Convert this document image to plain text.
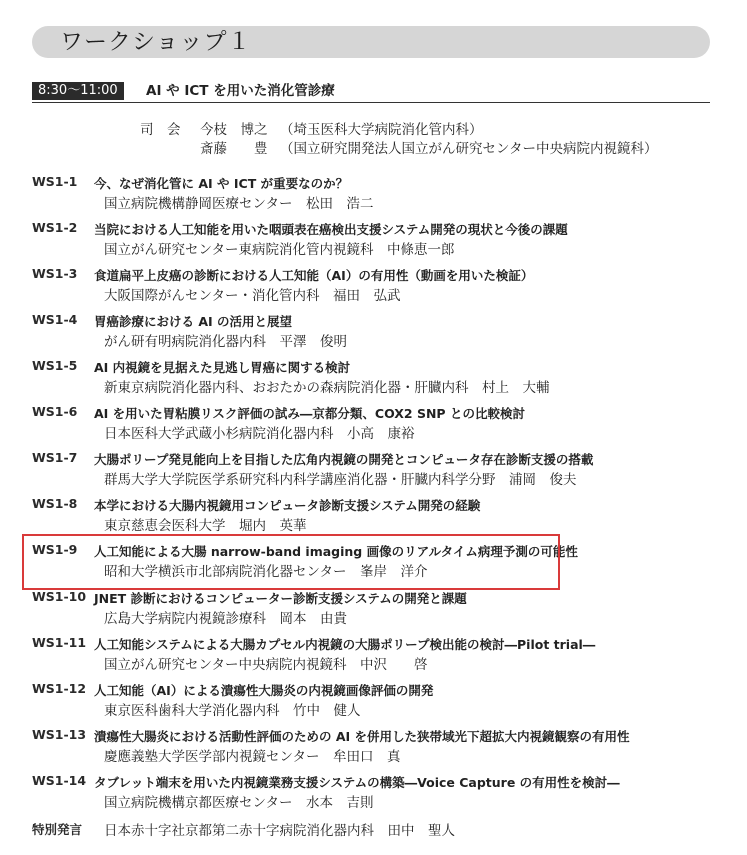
ワークショップ１
8:30〜11:00	AI や ICT を用いた消化管診療
司　会 今枝　博之 （埼玉医科大学病院消化管内科）
斎藤　　豊 （国立研究開発法人国立がん研究センター中央病院内視鏡科）
WS1-1 今、なぜ消化管に AI や ICT が重要なのか？
国立病院機構静岡医療センター　松田　浩二
WS1-2 当院における人工知能を用いた咽頭表在癌検出支援システム開発の現状と今後の課題
国立がん研究センター東病院消化管内視鏡科　中條恵一郎
WS1-3 食道扁平上皮癌の診断における人工知能（AI）の有用性（動画を用いた検証）
大阪国際がんセンター・消化管内科　福田　弘武
WS1-4 胃癌診療における AI の活用と展望
がん研有明病院消化器内科　平澤　俊明
WS1-5 AI 内視鏡を見据えた見逃し胃癌に関する検討
新東京病院消化器内科、おおたかの森病院消化器・肝臓内科　村上　大輔
WS1-6 AI を用いた胃粘膜リスク評価の試み―京都分類、COX2 SNP との比較検討
日本医科大学武蔵小杉病院消化器内科　小高　康裕
WS1-7 大腸ポリープ発見能向上を目指した広角内視鏡の開発とコンピュータ存在診断支援の搭載
群馬大学大学院医学系研究科内科学講座消化器・肝臓内科学分野　浦岡　俊夫
WS1-8 本学における大腸内視鏡用コンピュータ診断支援システム開発の経験
東京慈恵会医科大学　堀内　英華
WS1-9 人工知能による大腸 narrow-band imaging 画像のリアルタイム病理予測の可能性
昭和大学横浜市北部病院消化器センター　峯岸　洋介
WS1-10 JNET 診断におけるコンピューター診断支援システムの開発と課題
広島大学病院内視鏡診療科　岡本　由貴
WS1-11 人工知能システムによる大腸カプセル内視鏡の大腸ポリープ検出能の検討―Pilot trial―
国立がん研究センター中央病院内視鏡科　中沢　　啓
WS1-12 人工知能（AI）による潰瘍性大腸炎の内視鏡画像評価の開発
東京医科歯科大学消化器内科　竹中　健人
WS1-13 潰瘍性大腸炎における活動性評価のための AI を併用した狭帯域光下超拡大内視鏡観察の有用性
慶應義塾大学医学部内視鏡センター　牟田口　真
WS1-14 タブレット端末を用いた内視鏡業務支援システムの構築―Voice Capture の有用性を検討―
国立病院機構京都医療センター　水本　吉則
特別発言 日本赤十字社京都第二赤十字病院消化器内科　田中　聖人
